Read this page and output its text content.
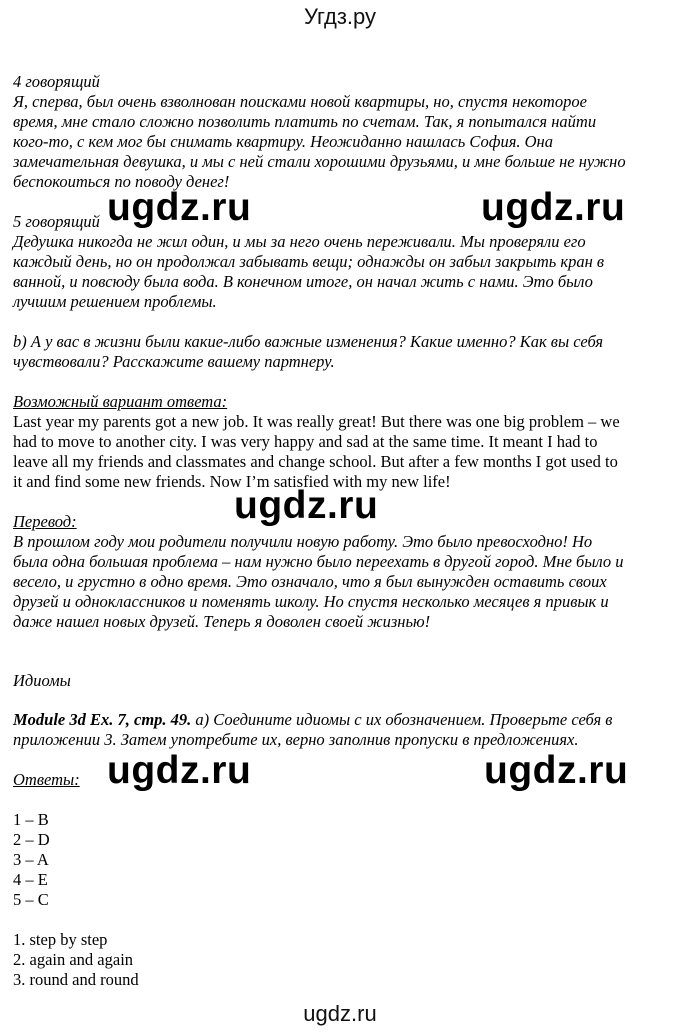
Угдз.ру
4 говорящий
Я, сперва, был очень взволнован поисками новой квартиры, но, спустя некоторое
время, мне стало сложно позволить платить по счетам. Так, я попытался найти
кого-то, с кем мог бы снимать квартиру. Неожиданно нашлась София. Она
замечательная девушка, и мы с ней стали хорошими друзьями, и мне больше не нужно
беспокоиться по поводу денег!
5 говорящий
Дедушка никогда не жил один, и мы за него очень переживали. Мы проверяли его
каждый день, но он продолжал забывать вещи; однажды он забыл закрыть кран в
ванной, и повсюду была вода. В конечном итоге, он начал жить с нами. Это было
лучшим решением проблемы.
b) А у вас в жизни были какие-либо важные изменения? Какие именно? Как вы себя
чувствовали? Расскажите вашему партнеру.
Возможный вариант ответа:
Last year my parents got a new job. It was really great! But there was one big problem – we
had to move to another city. I was very happy and sad at the same time. It meant I had to
leave all my friends and classmates and change school. But after a few months I got used to
it and find some new friends. Now I’m satisfied with my new life!
Перевод:
В прошлом году мои родители получили новую работу. Это было превосходно! Но
была одна большая проблема – нам нужно было переехать в другой город. Мне было и
весело, и грустно в одно время. Это означало, что я был вынужден оставить своих
друзей и одноклассников и поменять школу. Но спустя несколько месяцев я привык и
даже нашел новых друзей. Теперь я доволен своей жизнью!
Идиомы
Module 3d Ex. 7, стр. 49. а) Соедините идиомы с их обозначением. Проверьте себя в
приложении 3. Затем употребите их, верно заполнив пропуски в предложениях.
Ответы:
1 – B
2 – D
3 – A
4 – E
5 – C
1. step by step
2. again and again
3. round and round
ugdz.ru	ugdz.ru
ugdz.ru
ugdz.ru	ugdz.ru
ugdz.ru
